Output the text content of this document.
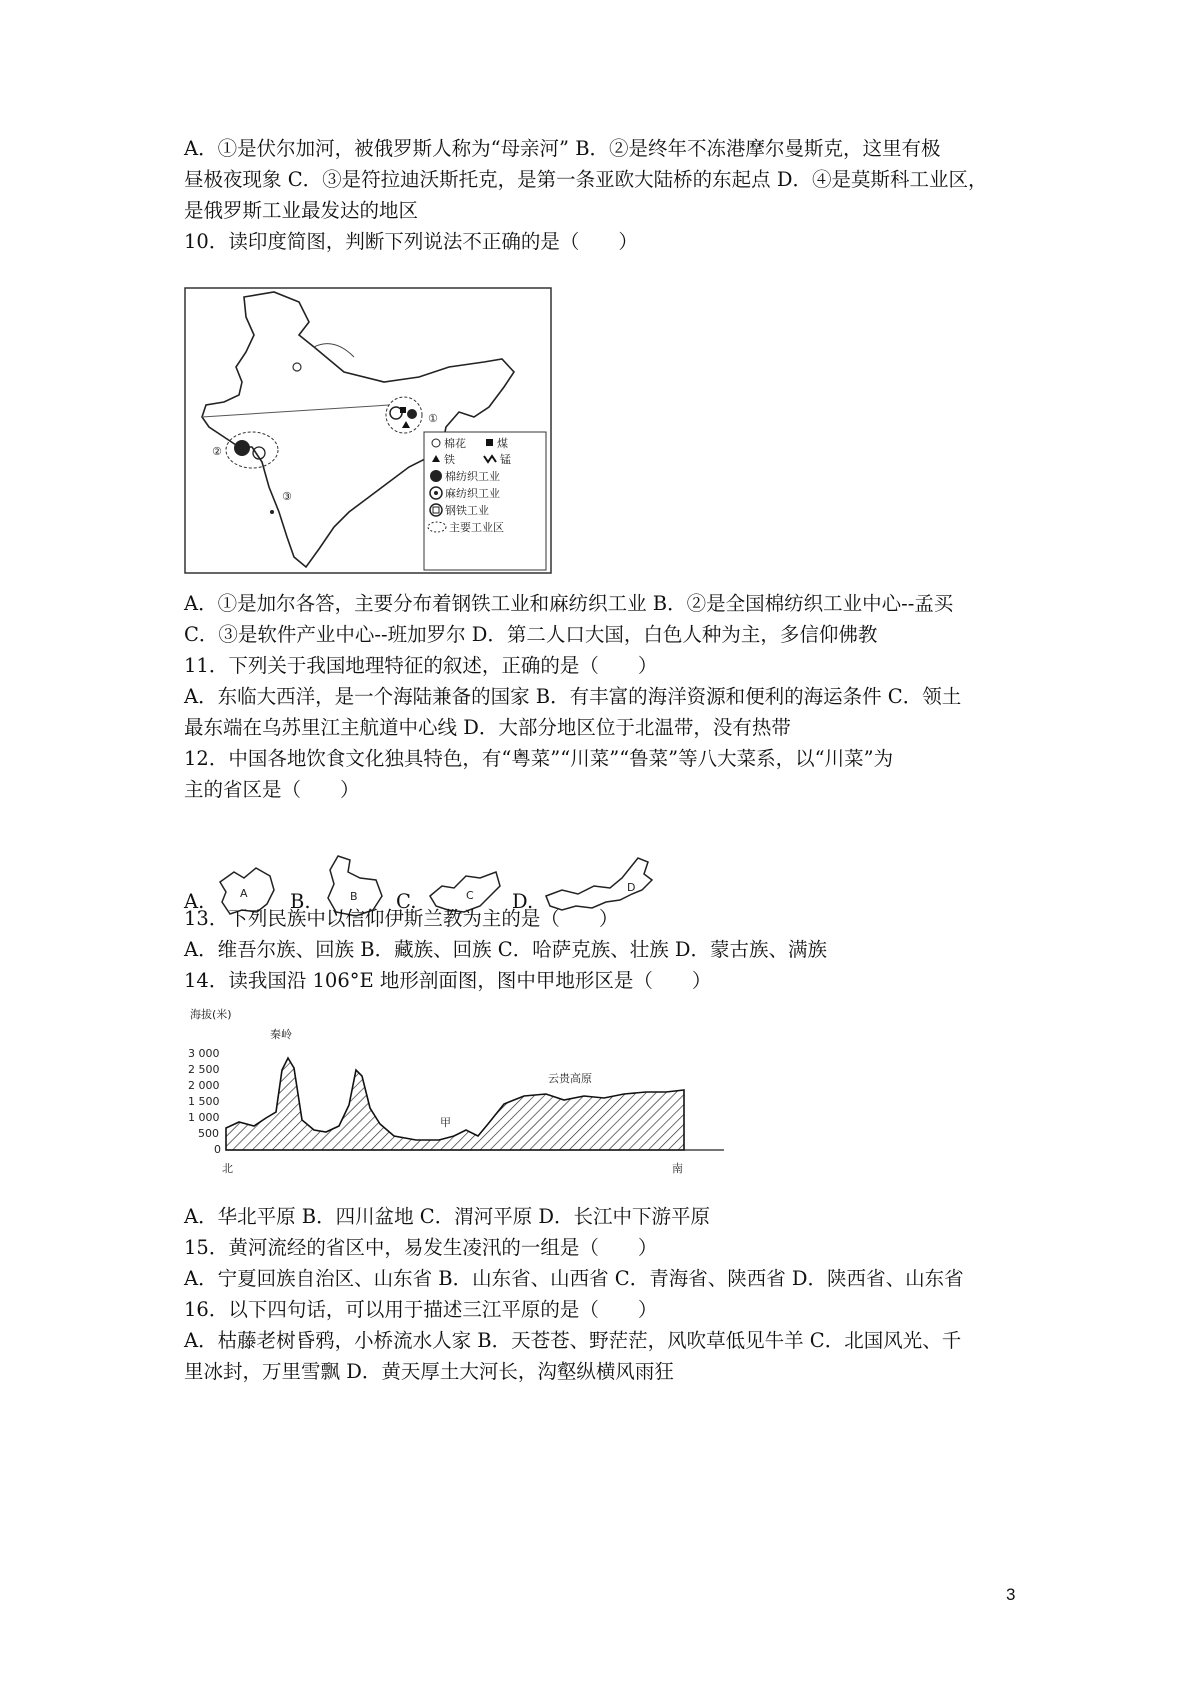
A．①是伏尔加河，被俄罗斯人称为“母亲河” B．②是终年不冻港摩尔曼斯克，这里有极
昼极夜现象 C．③是符拉迪沃斯托克，是第一条亚欧大陆桥的东起点 D．④是莫斯科工业区，
是俄罗斯工业最发达的地区
10．读印度简图，判断下列说法不正确的是（　　）
①
②
③
棉花	煤
铁	锰
棉纺织工业
麻纺织工业
钢铁工业
主要工业区
A．①是加尔各答，主要分布着钢铁工业和麻纺织工业 B．②是全国棉纺织工业中心--孟买
C．③是软件产业中心--班加罗尔 D．第二人口大国，白色人种为主，多信仰佛教
11．下列关于我国地理特征的叙述，正确的是（　　）
A．东临大西洋，是一个海陆兼备的国家 B．有丰富的海洋资源和便利的海运条件 C．领土
最东端在乌苏里江主航道中心线 D．大部分地区位于北温带，没有热带
12．中国各地饮食文化独具特色，有“粤菜”“川菜”“鲁菜”等八大菜系，以“川菜”为
主的省区是（　　）
A.	A B.	B C.	C D.
D
13．下列民族中以信仰伊斯兰教为主的是（　　）
A．维吾尔族、回族 B．藏族、回族 C．哈萨克族、壮族 D．蒙古族、满族
14．读我国沿 106°E 地形剖面图，图中甲地形区是（　　）
海拔(米)
3 000
2 500
2 000
1 500
1 000
500
0
秦岭
甲
云贵高原
北	南
A．华北平原 B．四川盆地 C．渭河平原 D．长江中下游平原
15．黄河流经的省区中，易发生凌汛的一组是（　　）
A．宁夏回族自治区、山东省 B．山东省、山西省 C．青海省、陕西省 D．陕西省、山东省
16．以下四句话，可以用于描述三江平原的是（　　）
A．枯藤老树昏鸦，小桥流水人家 B．天苍苍、野茫茫，风吹草低见牛羊 C．北国风光、千
里冰封，万里雪飘 D．黄天厚土大河长，沟壑纵横风雨狂
3
